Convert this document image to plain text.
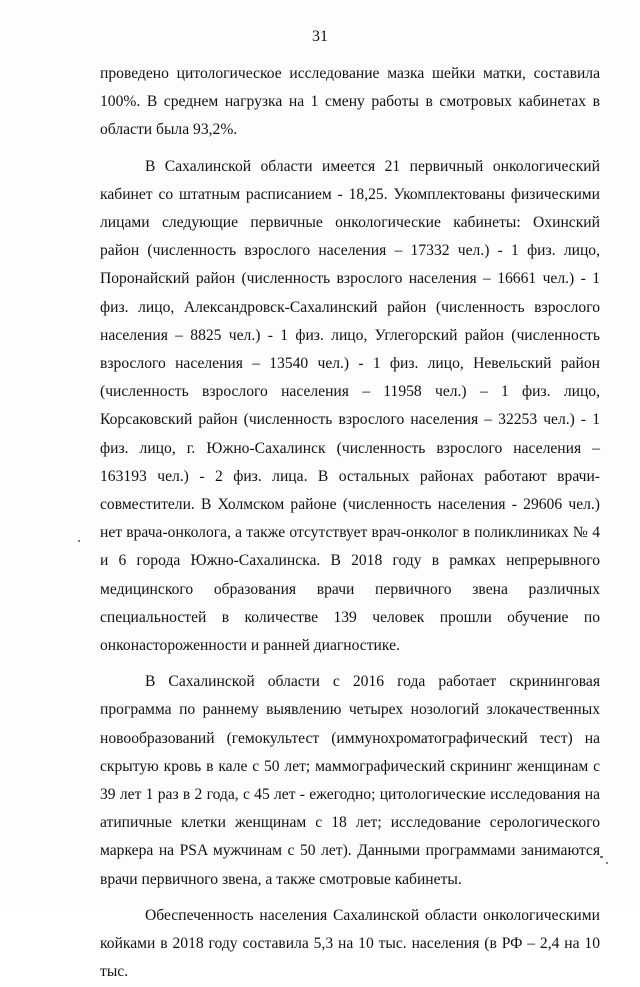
31

проведено цитологическое исследование мазка шейки матки, составила 100%. В среднем нагрузка на 1 смену работы в смотровых кабинетах в области была 93,2%.

В Сахалинской области имеется 21 первичный онкологический кабинет со штатным расписанием - 18,25. Укомплектованы физическими лицами следующие первичные онкологические кабинеты: Охинский район (численность взрослого населения – 17332 чел.) - 1 физ. лицо, Поронайский район (численность взрослого населения – 16661 чел.) - 1 физ. лицо, Александровск-Сахалинский район (численность взрослого населения – 8825 чел.) - 1 физ. лицо, Углегорский район (численность взрослого населения – 13540 чел.) - 1 физ. лицо, Невельский район (численность взрослого населения – 11958 чел.) – 1 физ. лицо, Корсаковский район (численность взрослого населения – 32253 чел.) - 1 физ. лицо, г. Южно-Сахалинск (численность взрослого населения – 163193 чел.) - 2 физ. лица. В остальных районах работают врачи-совместители. В Холмском районе (численность населения - 29606 чел.) нет врача-онколога, а также отсутствует врач-онколог в поликлиниках № 4 и 6 города Южно-Сахалинска. В 2018 году в рамках непрерывного медицинского образования врачи первичного звена различных специальностей в количестве 139 человек прошли обучение по онконастороженности и ранней диагностике.

В Сахалинской области с 2016 года работает скрининговая программа по раннему выявлению четырех нозологий злокачественных новообразований (гемокультест (иммунохроматографический тест) на скрытую кровь в кале с 50 лет; маммографический скрининг женщинам с 39 лет 1 раз в 2 года, с 45 лет - ежегодно; цитологические исследования на атипичные клетки женщинам с 18 лет; исследование серологического маркера на PSA мужчинам с 50 лет). Данными программами занимаются врачи первичного звена, а также смотровые кабинеты.

Обеспеченность населения Сахалинской области онкологическими койками в 2018 году составила 5,3 на 10 тыс. населения (в РФ – 2,4 на 10 тыс.
